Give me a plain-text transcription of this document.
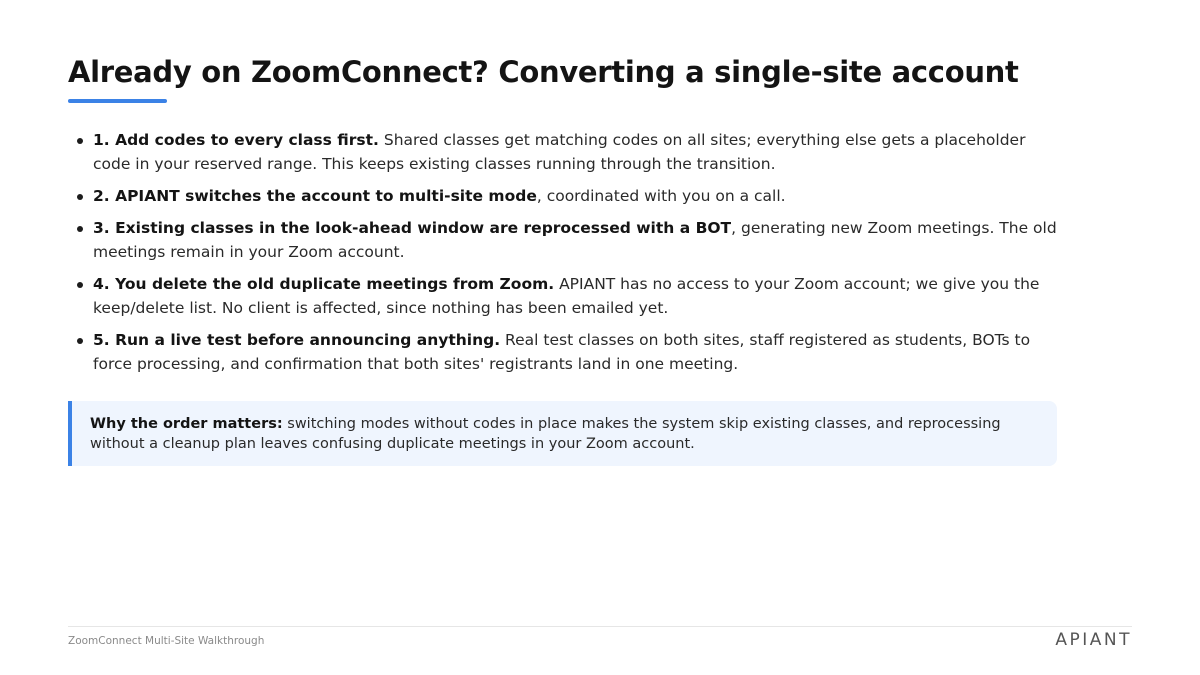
Already on ZoomConnect? Converting a single-site account
1. Add codes to every class first. Shared classes get matching codes on all sites; everything else gets a placeholder code in your reserved range. This keeps existing classes running through the transition.
2. APIANT switches the account to multi-site mode, coordinated with you on a call.
3. Existing classes in the look-ahead window are reprocessed with a BOT, generating new Zoom meetings. The old meetings remain in your Zoom account.
4. You delete the old duplicate meetings from Zoom. APIANT has no access to your Zoom account; we give you the keep/delete list. No client is affected, since nothing has been emailed yet.
5. Run a live test before announcing anything. Real test classes on both sites, staff registered as students, BOTs to force processing, and confirmation that both sites' registrants land in one meeting.
Why the order matters: switching modes without codes in place makes the system skip existing classes, and reprocessing without a cleanup plan leaves confusing duplicate meetings in your Zoom account.
ZoomConnect Multi-Site Walkthrough	APIANT
